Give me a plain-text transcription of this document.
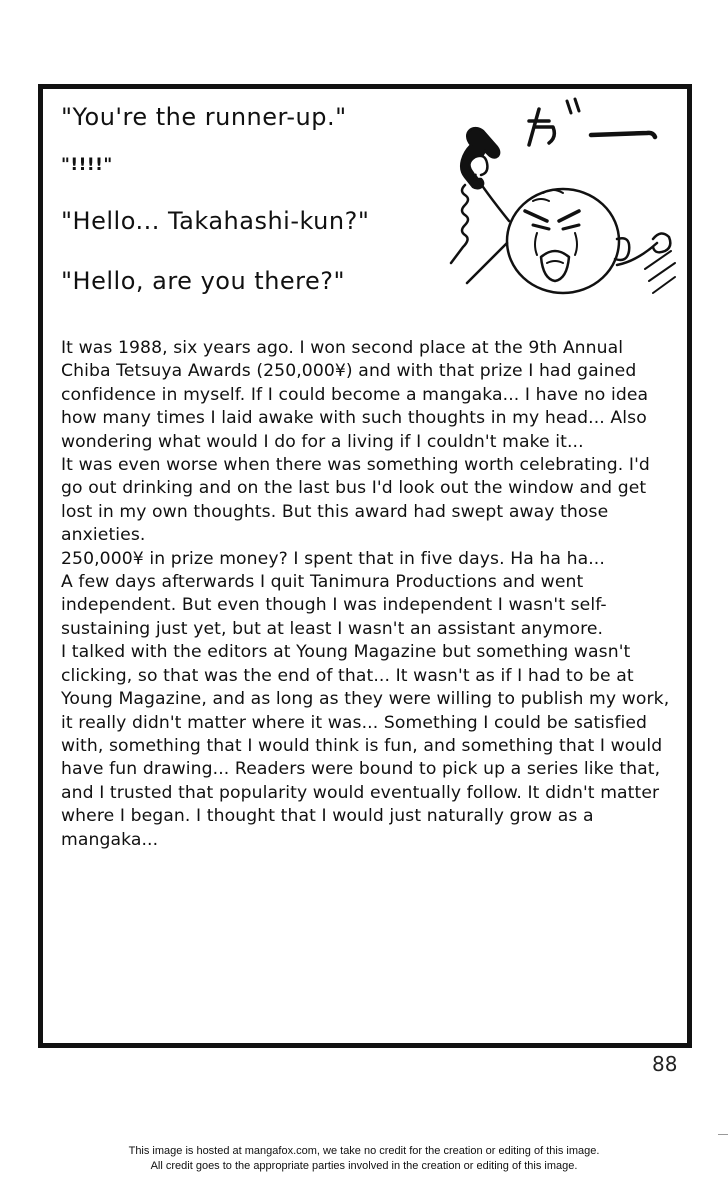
"You're the runner-up."

"!!!!"

"Hello... Takahashi-kun?"

"Hello, are you there?"

It was 1988, six years ago. I won second place at the 9th Annual Chiba Tetsuya Awards (250,000¥) and with that prize I had gained confidence in myself. If I could become a mangaka... I have no idea how many times I laid awake with such thoughts in my head... Also wondering what would I do for a living if I couldn't make it...
It was even worse when there was something worth celebrating. I'd go out drinking and on the last bus I'd look out the window and get lost in my own thoughts. But this award had swept away those anxieties.
250,000¥ in prize money? I spent that in five days. Ha ha ha...
A few days afterwards I quit Tanimura Productions and went independent. But even though I was independent I wasn't self-sustaining just yet, but at least I wasn't an assistant anymore.
I talked with the editors at Young Magazine but something wasn't clicking, so that was the end of that... It wasn't as if I had to be at Young Magazine, and as long as they were willing to publish my work, it really didn't matter where it was... Something I could be satisfied with, something that I would think is fun, and something that I would have fun drawing... Readers were bound to pick up a series like that, and I trusted that popularity would eventually follow. It didn't matter where I began. I thought that I would just naturally grow as a mangaka...

88
This image is hosted at mangafox.com, we take no credit for the creation or editing of this image.
All credit goes to the appropriate parties involved in the creation or editing of this image.
